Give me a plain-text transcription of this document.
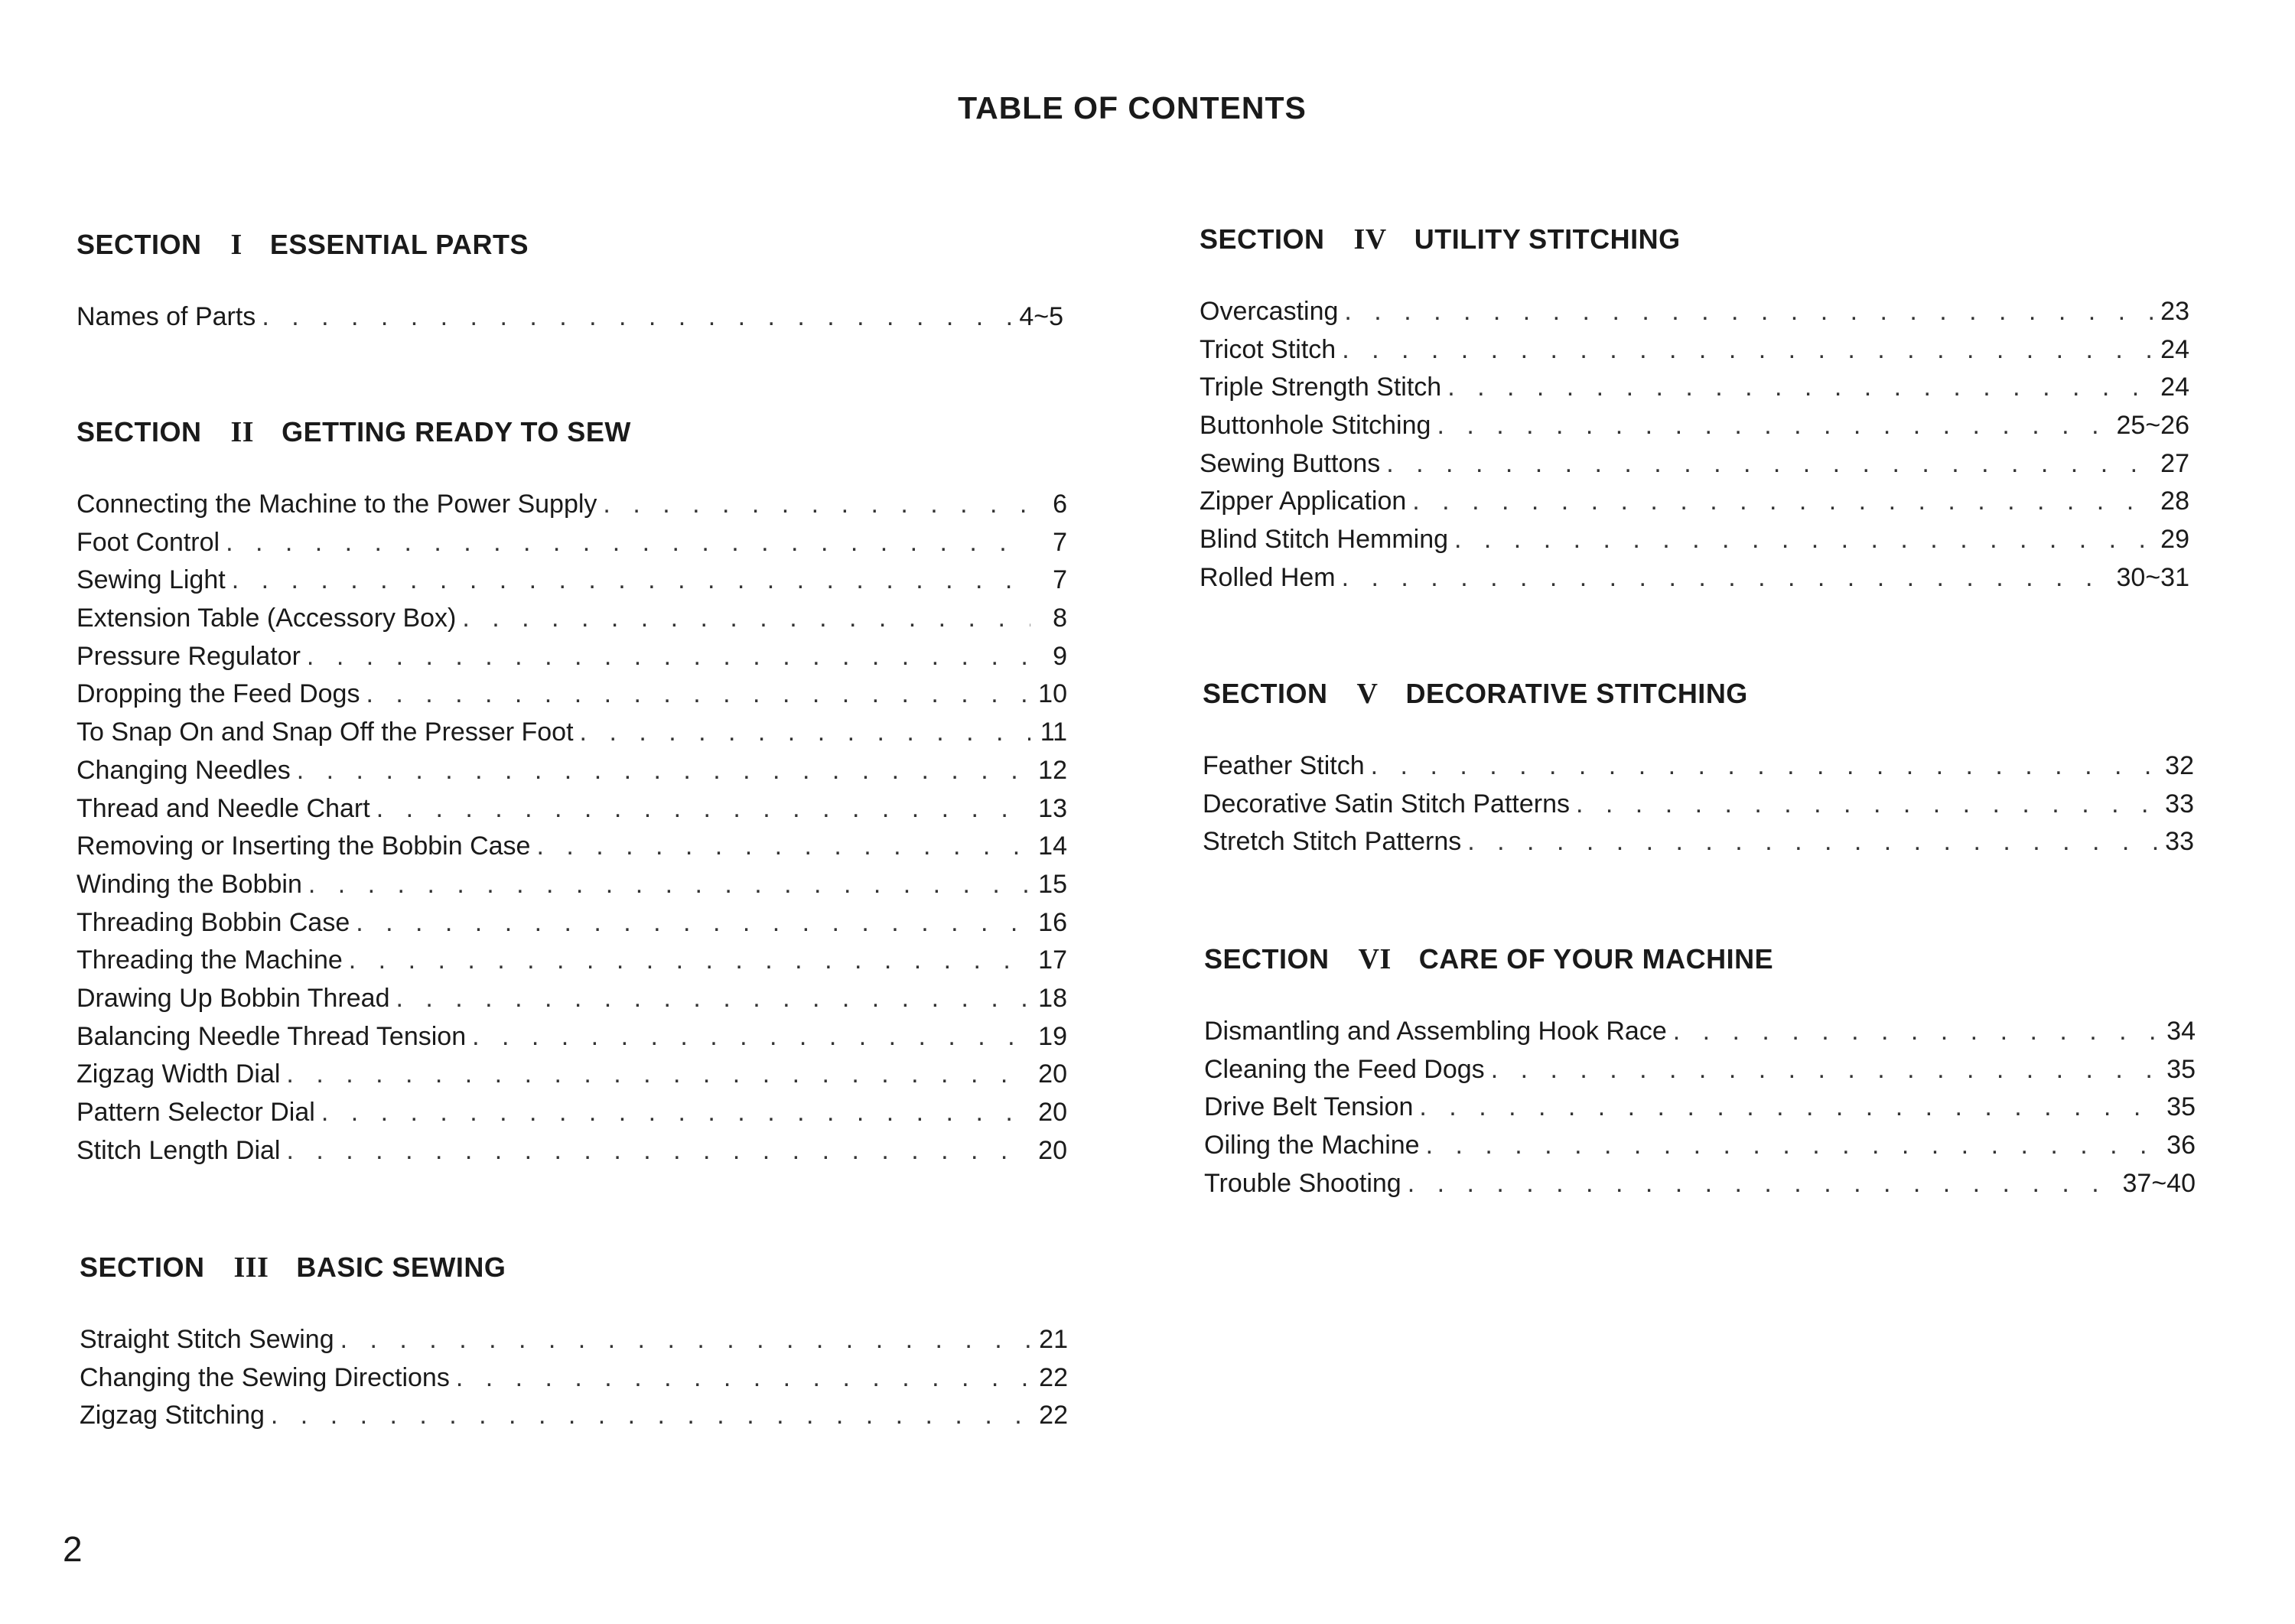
TABLE OF CONTENTS
SECTION I ESSENTIAL PARTS
Names of Parts . . .	4~5
SECTION II GETTING READY TO SEW
Connecting the Machine to the Power Supply . . .	6
Foot Control . . .	7
Sewing Light . . .	7
Extension Table (Accessory Box) . . .	8
Pressure Regulator . . .	9
Dropping the Feed Dogs . . .	10
To Snap On and Snap Off the Presser Foot . . .	11
Changing Needles . . .	12
Thread and Needle Chart . . .	13
Removing or Inserting the Bobbin Case . . .	14
Winding the Bobbin . . .	15
Threading Bobbin Case . . .	16
Threading the Machine . . .	17
Drawing Up Bobbin Thread . . .	18
Balancing Needle Thread Tension . . .	19
Zigzag Width Dial . . .	20
Pattern Selector Dial . . .	20
Stitch Length Dial . . .	20
SECTION III BASIC SEWING
Straight Stitch Sewing . . .	21
Changing the Sewing Directions . . .	22
Zigzag Stitching . . .	22
SECTION IV UTILITY STITCHING
Overcasting . . .	23
Tricot Stitch . . .	24
Triple Strength Stitch . . .	24
Buttonhole Stitching . . .	25~26
Sewing Buttons . . .	27
Zipper Application . . .	28
Blind Stitch Hemming . . .	29
Rolled Hem . . .	30~31
SECTION V DECORATIVE STITCHING
Feather Stitch . . .	32
Decorative Satin Stitch Patterns . . .	33
Stretch Stitch Patterns . . .	33
SECTION VI CARE OF YOUR MACHINE
Dismantling and Assembling Hook Race . . .	34
Cleaning the Feed Dogs . . .	35
Drive Belt Tension . . .	35
Oiling the Machine . . .	36
Trouble Shooting . . .	37~40
2
